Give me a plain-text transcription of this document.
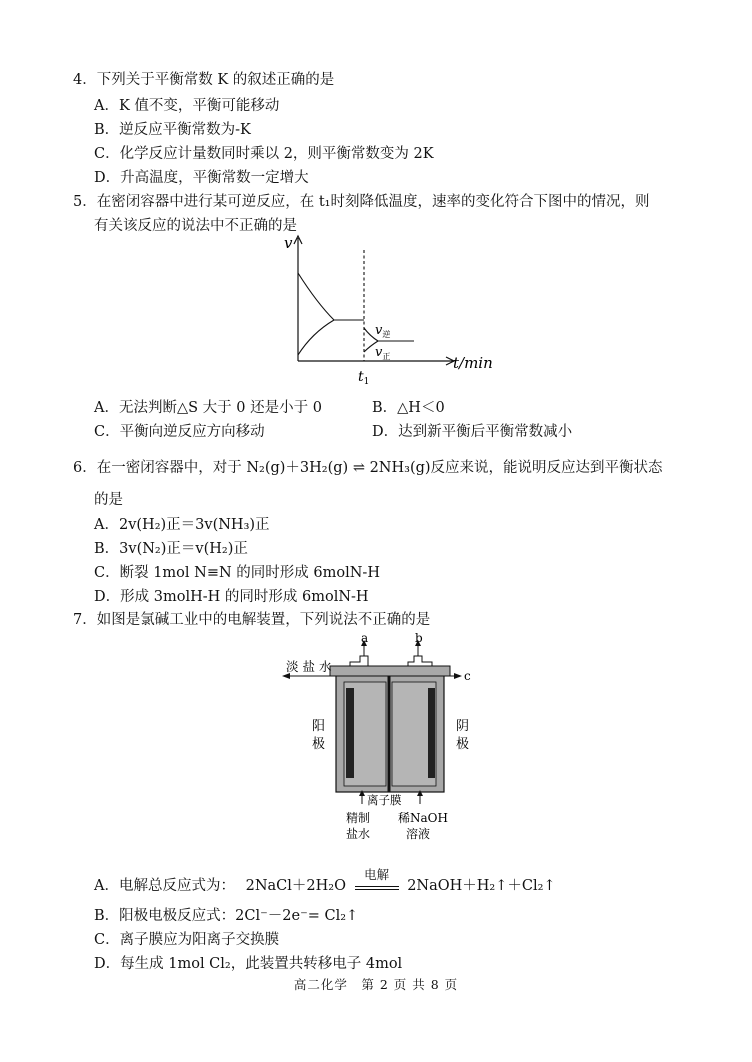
4．下列关于平衡常数 K 的叙述正确的是
A．K 值不变，平衡可能移动
B．逆反应平衡常数为-K
C．化学反应计量数同时乘以 2，则平衡常数变为 2K
D．升高温度，平衡常数一定增大
5．在密闭容器中进行某可逆反应，在 t₁时刻降低温度，速率的变化符合下图中的情况，则
有关该反应的说法中不正确的是
v
t/min
$t_1$
$v_逆$
$v_正$
A．无法判断△S 大于 0 还是小于 0	B．△H＜0
C．平衡向逆反应方向移动	D．达到新平衡后平衡常数减小
6．在一密闭容器中，对于 N₂(g)＋3H₂(g) ⇌ 2NH₃(g)反应来说，能说明反应达到平衡状态
的是
A．2v(H₂)正＝3v(NH₃)正
B．3v(N₂)正＝v(H₂)正
C．断裂 1mol N≡N 的同时形成 6molN-H
D．形成 3molH-H 的同时形成 6molN-H
7．如图是氯碱工业中的电解装置，下列说法不正确的是
a	b
c
淡 盐 水
阳
极
阴
极
离子膜
精制
盐水
稀NaOH
溶液
A．电解总反应式为： 2NaCl＋2H₂O
电解
2NaOH＋H₂↑＋Cl₂↑
B．阳极电极反应式：2Cl⁻－2e⁻= Cl₂↑
C．离子膜应为阳离子交换膜
D．每生成 1mol Cl₂，此装置共转移电子 4mol
高二化学　第 2 页 共 8 页
